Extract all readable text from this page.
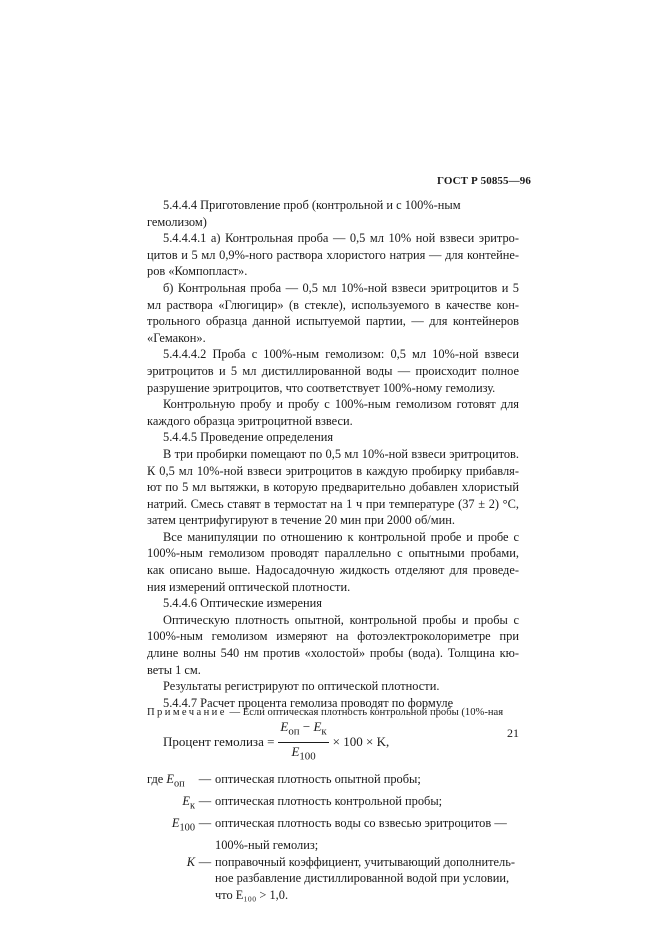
ГОСТ Р 50855—96

5.4.4.4 Приготовление проб (контрольной и с 100%-ным гемолизом)

5.4.4.4.1 а) Контрольная проба — 0,5 мл 10% ной взвеси эритро-цитов и 5 мл 0,9%-ного раствора хлористого натрия — для контейне-ров «Компопласт».

б) Контрольная проба — 0,5 мл 10%-ной взвеси эритроцитов и 5 мл раствора «Глюгицир» (в стекле), используемого в качестве кон-трольного образца данной испытуемой партии, — для контейнеров «Гемакон».

5.4.4.4.2 Проба с 100%-ным гемолизом: 0,5 мл 10%-ной взвеси эритроцитов и 5 мл дистиллированной воды — происходит полное разрушение эритроцитов, что соответствует 100%-ному гемолизу.

Контрольную пробу и пробу с 100%-ным гемолизом готовят для каждого образца эритроцитной взвеси.

5.4.4.5 Проведение определения

В три пробирки помещают по 0,5 мл 10%-ной взвеси эритроцитов. К 0,5 мл 10%-ной взвеси эритроцитов в каждую пробирку прибавля-ют по 5 мл вытяжки, в которую предварительно добавлен хлористый натрий. Смесь ставят в термостат на 1 ч при температуре (37 ± 2) °С, затем центрифугируют в течение 20 мин при 2000 об/мин.

Все манипуляции по отношению к контрольной пробе и пробе с 100%-ным гемолизом проводят параллельно с опытными пробами, как описано выше. Надосадочную жидкость отделяют для проведе-ния измерений оптической плотности.

5.4.4.6 Оптические измерения

Оптическую плотность опытной, контрольной пробы и пробы с 100%-ным гемолизом измеряют на фотоэлектроколориметре при длине волны 540 нм против «холостой» пробы (вода). Толщина кю-веты 1 см.

Результаты регистрируют по оптической плотности.

5.4.4.7 Расчет процента гемолиза проводят по формуле

Процент гемолиза = $\frac{E_{оп} - E_к}{E_{100}} \times 100 \times K$,
где $E_{оп}$	— оптическая плотность опытной пробы;
$E_к$ — оптическая плотность контрольной пробы;
$E_{100}$ — оптическая плотность воды со взвесью эритроцитов —
100%-ный гемолиз;
K — поправочный коэффициент, учитывающий дополнитель-
ное разбавление дистиллированной водой при условии,
что E₁₀₀ > 1,0.
Примечание — Если оптическая плотность контрольной пробы (10%-ная
21
